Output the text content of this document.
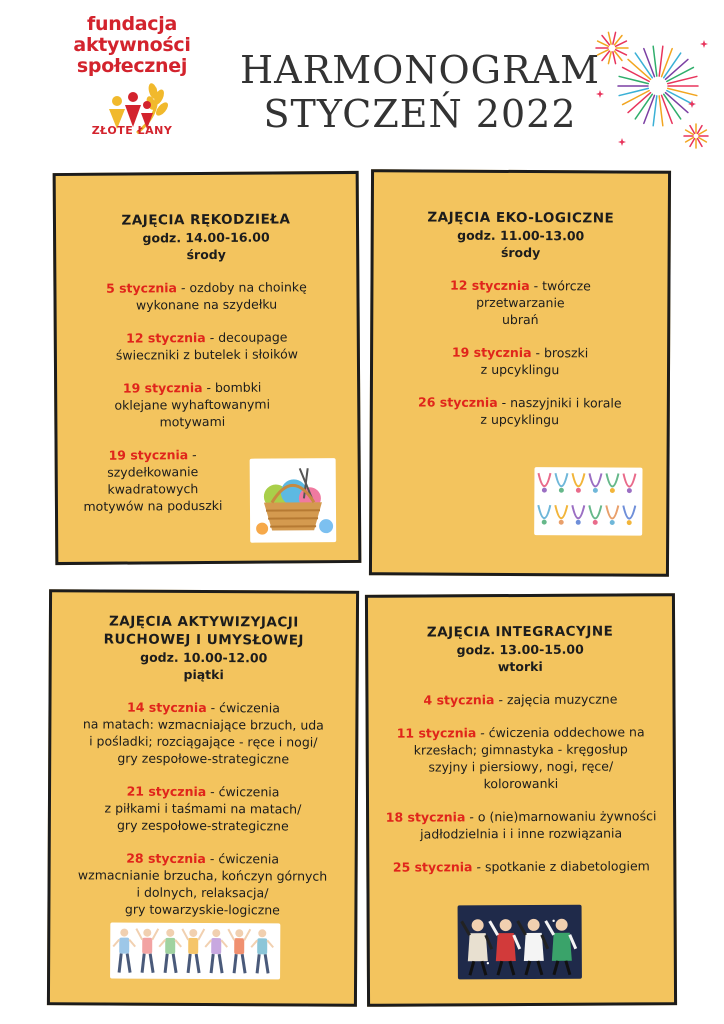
fundacja
aktywności
społecznej
ZŁOTE ŁANY
HARMONOGRAM
STYCZEŃ 2022

ZAJĘCIA RĘKODZIEŁA

godz. 14.00-16.00

środy

5 stycznia - ozdoby na choinkę
wykonane na szydełku

12 stycznia - decoupage
świeczniki z butelek i słoików

19 stycznia - bombki
oklejane wyhaftowanymi
motywami

19 stycznia -
szydełkowanie
kwadratowych
motywów na poduszki

ZAJĘCIA EKO-LOGICZNE

godz. 11.00-13.00

środy

12 stycznia - twórcze
przetwarzanie
ubrań

19 stycznia - broszki
z upcyklingu

26 stycznia - naszyjniki i korale
z upcyklingu

ZAJĘCIA AKTYWIZYJACJI

RUCHOWEJ I UMYSŁOWEJ

godz. 10.00-12.00

piątki

14 stycznia - ćwiczenia
na matach: wzmacniające brzuch, uda
i pośladki; rozciągające - ręce i nogi/
gry zespołowe-strategiczne

21 stycznia - ćwiczenia
z piłkami i taśmami na matach/
gry zespołowe-strategiczne

28 stycznia - ćwiczenia
wzmacnianie brzucha, kończyn górnych
i dolnych, relaksacja/
gry towarzyskie-logiczne

ZAJĘCIA INTEGRACYJNE

godz. 13.00-15.00

wtorki

4 stycznia - zajęcia muzyczne

11 stycznia - ćwiczenia oddechowe na
krzesłach; gimnastyka - kręgosłup
szyjny i piersiowy, nogi, ręce/
kolorowanki

18 stycznia - o (nie)marnowaniu żywności
jadłodzielnia i i inne rozwiązania

25 stycznia - spotkanie z diabetologiem
